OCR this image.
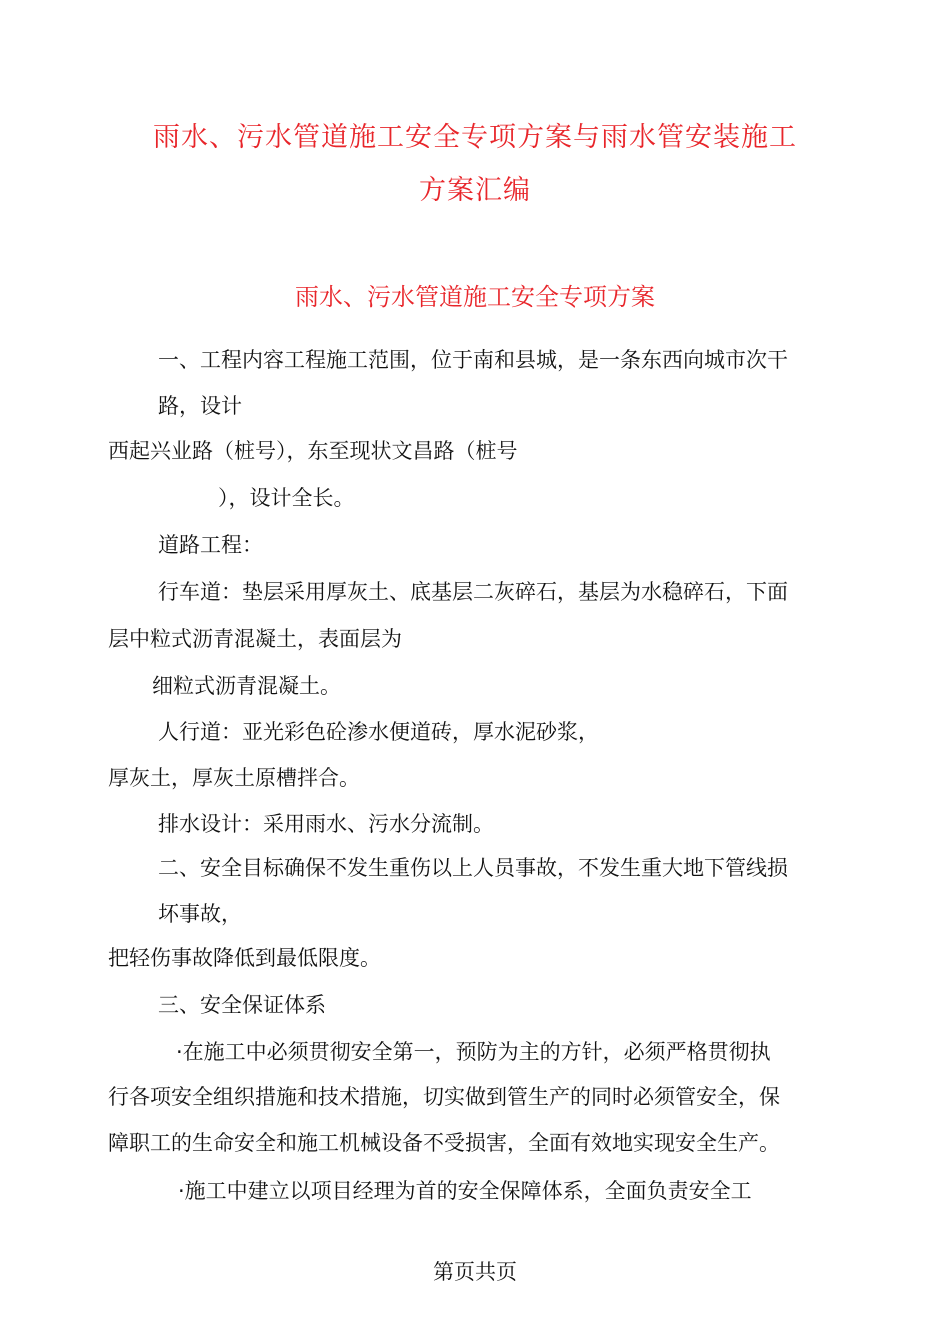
雨水、污水管道施工安全专项方案与雨水管安装施工
方案汇编
雨水、污水管道施工安全专项方案
一、工程内容工程施工范围，位于南和县城，是一条东西向城市次干
路，设计
西起兴业路（桩号），东至现状文昌路（桩号
），设计全长。
道路工程：
行车道：垫层采用厚灰土、底基层二灰碎石，基层为水稳碎石，下面
层中粒式沥青混凝土，表面层为
细粒式沥青混凝土。
人行道：亚光彩色砼渗水便道砖，厚水泥砂浆，
厚灰土，厚灰土原槽拌合。
排水设计：采用雨水、污水分流制。
二、安全目标确保不发生重伤以上人员事故，不发生重大地下管线损
坏事故，
把轻伤事故降低到最低限度。
三、安全保证体系
·在施工中必须贯彻安全第一，预防为主的方针，必须严格贯彻执
行各项安全组织措施和技术措施，切实做到管生产的同时必须管安全，保
障职工的生命安全和施工机械设备不受损害，全面有效地实现安全生产。
·施工中建立以项目经理为首的安全保障体系，全面负责安全工
第页共页
